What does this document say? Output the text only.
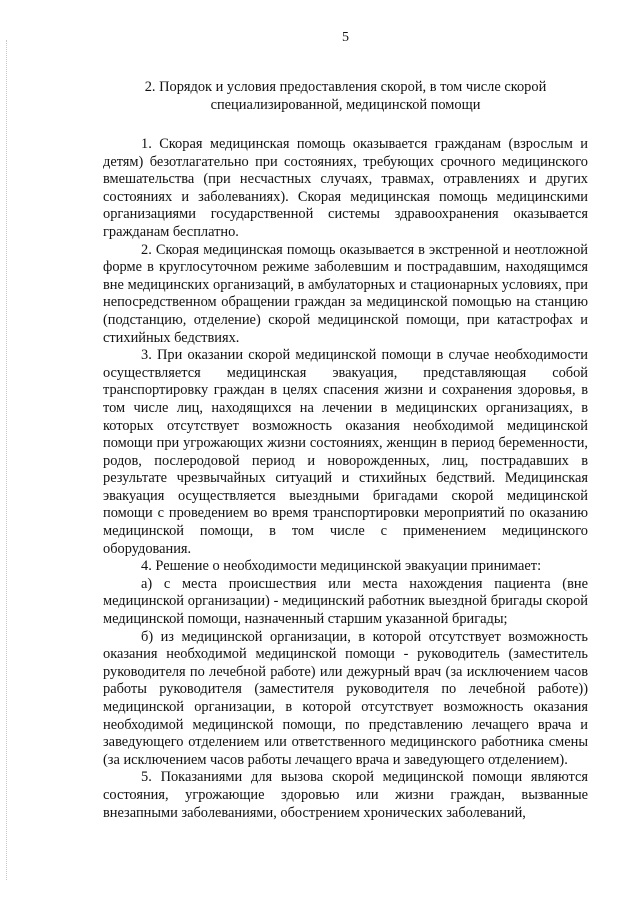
5
2. Порядок и условия предоставления скорой, в том числе скорой
специализированной, медицинской помощи

1. Скорая медицинская помощь оказывается гражданам (взрослым и детям) безотлагательно при состояниях, требующих срочного медицинского вмешательства (при несчастных случаях, травмах, отравлениях и других состояниях и заболеваниях). Скорая медицинская помощь медицинскими организациями государственной системы здравоохранения оказывается гражданам бесплатно.

2. Скорая медицинская помощь оказывается в экстренной и неотложной форме в круглосуточном режиме заболевшим и пострадавшим, находящимся вне медицинских организаций, в амбулаторных и стационарных условиях, при непосредственном обращении граждан за медицинской помощью на станцию (подстанцию, отделение) скорой медицинской помощи, при катастрофах и стихийных бедствиях.

3. При оказании скорой медицинской помощи в случае необходимости осуществляется медицинская эвакуация, представляющая собой транспортировку граждан в целях спасения жизни и сохранения здоровья, в том числе лиц, находящихся на лечении в медицинских организациях, в которых отсутствует возможность оказания необходимой медицинской помощи при угрожающих жизни состояниях, женщин в период беременности, родов, послеродовой период и новорожденных, лиц, пострадавших в результате чрезвычайных ситуаций и стихийных бедствий. Медицинская эвакуация осуществляется выездными бригадами скорой медицинской помощи с проведением во время транспортировки мероприятий по оказанию медицинской помощи, в том числе с применением медицинского оборудования.

4. Решение о необходимости медицинской эвакуации принимает:

а) с места происшествия или места нахождения пациента (вне медицинской организации) - медицинский работник выездной бригады скорой медицинской помощи, назначенный старшим указанной бригады;

б) из медицинской организации, в которой отсутствует возможность оказания необходимой медицинской помощи - руководитель (заместитель руководителя по лечебной работе) или дежурный врач (за исключением часов работы руководителя (заместителя руководителя по лечебной работе)) медицинской организации, в которой отсутствует возможность оказания необходимой медицинской помощи, по представлению лечащего врача и заведующего отделением или ответственного медицинского работника смены (за исключением часов работы лечащего врача и заведующего отделением).

5. Показаниями для вызова скорой медицинской помощи являются состояния, угрожающие здоровью или жизни граждан, вызванные внезапными заболеваниями, обострением хронических заболеваний,
